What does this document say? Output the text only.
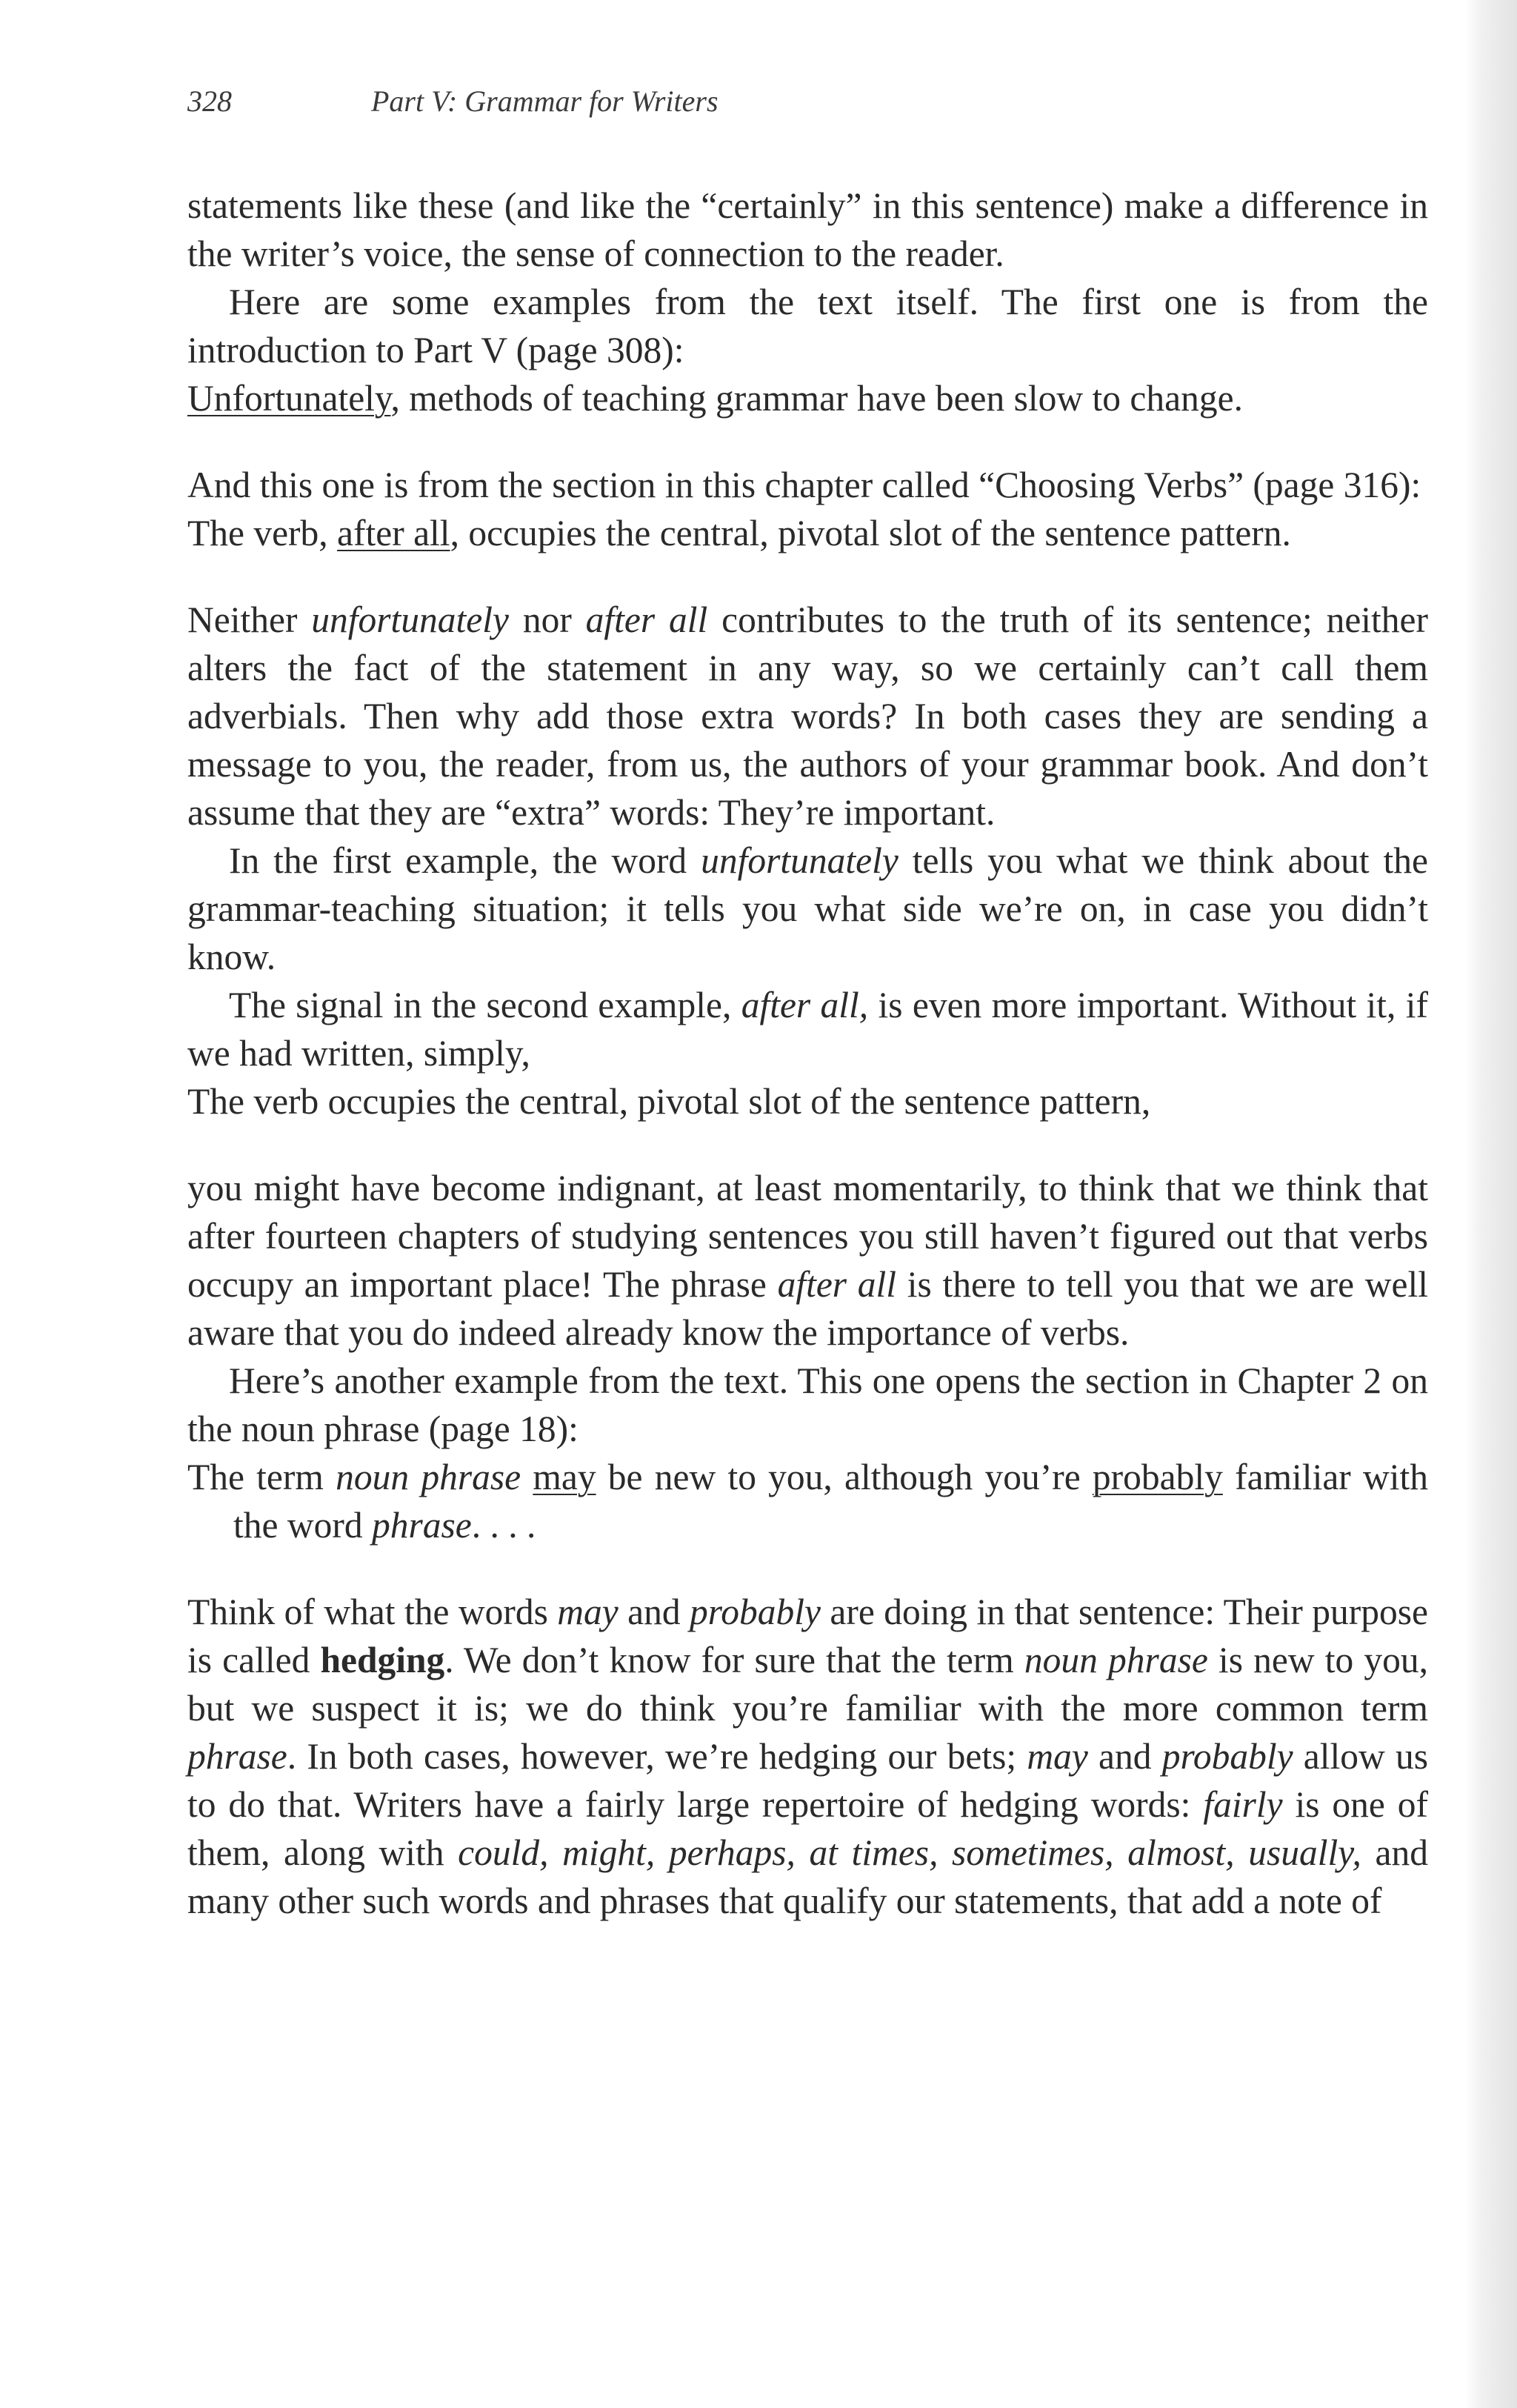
328	Part V: Grammar for Writers

statements like these (and like the “certainly” in this sentence) make a difference in the writer’s voice, the sense of connection to the reader.

Here are some examples from the text itself. The first one is from the introduction to Part V (page 308):

Unfortunately, methods of teaching grammar have been slow to change.

And this one is from the section in this chapter called “Choosing Verbs” (page 316):

The verb, after all, occupies the central, pivotal slot of the sentence pattern.

Neither unfortunately nor after all contributes to the truth of its sentence; neither alters the fact of the statement in any way, so we certainly can’t call them adverbials. Then why add those extra words? In both cases they are sending a message to you, the reader, from us, the authors of your grammar book. And don’t assume that they are “extra” words: They’re important.

In the first example, the word unfortunately tells you what we think about the grammar-teaching situation; it tells you what side we’re on, in case you didn’t know.

The signal in the second example, after all, is even more important. Without it, if we had written, simply,

The verb occupies the central, pivotal slot of the sentence pattern,

you might have become indignant, at least momentarily, to think that we think that after fourteen chapters of studying sentences you still haven’t figured out that verbs occupy an important place! The phrase after all is there to tell you that we are well aware that you do indeed already know the importance of verbs.

Here’s another example from the text. This one opens the section in Chapter 2 on the noun phrase (page 18):

The term noun phrase may be new to you, although you’re probably familiar with the word phrase. . . .

Think of what the words may and probably are doing in that sentence: Their purpose is called hedging. We don’t know for sure that the term noun phrase is new to you, but we suspect it is; we do think you’re familiar with the more common term phrase. In both cases, however, we’re hedging our bets; may and probably allow us to do that. Writers have a fairly large repertoire of hedging words: fairly is one of them, along with could, might, perhaps, at times, sometimes, almost, usually, and many other such words and phrases that qualify our statements, that add a note of
